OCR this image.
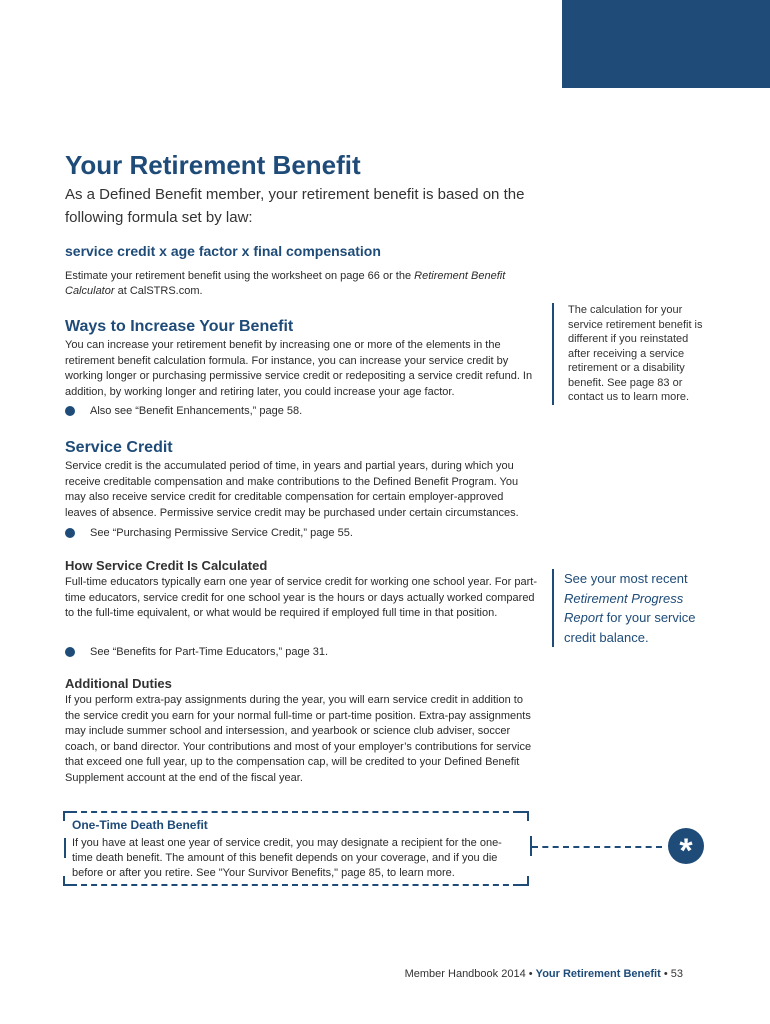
Your Retirement Benefit

As a Defined Benefit member, your retirement benefit is based on the following formula set by law:

service credit x age factor x final compensation

Estimate your retirement benefit using the worksheet on page 66 or the Retirement Benefit Calculator at CalSTRS.com.

Ways to Increase Your Benefit

You can increase your retirement benefit by increasing one or more of the elements in the retirement benefit calculation formula. For instance, you can increase your service credit by working longer or purchasing permissive service credit or redepositing a service credit refund. In addition, by working longer and retiring later, you could increase your age factor.

Also see “Benefit Enhancements,” page 58.
Service Credit

Service credit is the accumulated period of time, in years and partial years, during which you receive creditable compensation and make contributions to the Defined Benefit Program. You may also receive service credit for creditable compensation for certain employer-approved leaves of absence. Permissive service credit may be purchased under certain circumstances.

See “Purchasing Permissive Service Credit,” page 55.
How Service Credit Is Calculated

Full-time educators typically earn one year of service credit for working one school year. For part-time educators, service credit for one school year is the hours or days actually worked compared to the full-time equivalent, or what would be required if employed full time in that position.

See “Benefits for Part-Time Educators,” page 31.
Additional Duties

If you perform extra-pay assignments during the year, you will earn service credit in addition to the service credit you earn for your normal full-time or part-time position. Extra-pay assignments may include summer school and intersession, and yearbook or science club adviser, soccer coach, or band director. Your contributions and most of your employer’s contributions for service that exceed one full year, up to the compensation cap, will be credited to your Defined Benefit Supplement account at the end of the fiscal year.

The calculation for your service retirement benefit is different if you reinstated after receiving a service retirement or a disability benefit. See page 83 or contact us to learn more.

See your most recent Retirement Progress Report for your service credit balance.

One-Time Death Benefit

If you have at least one year of service credit, you may designate a recipient for the one-time death benefit. The amount of this benefit depends on your coverage, and if you die before or after you retire. See "Your Survivor Benefits," page 85, to learn more.

*

Member Handbook 2014 • Your Retirement Benefit • 53
